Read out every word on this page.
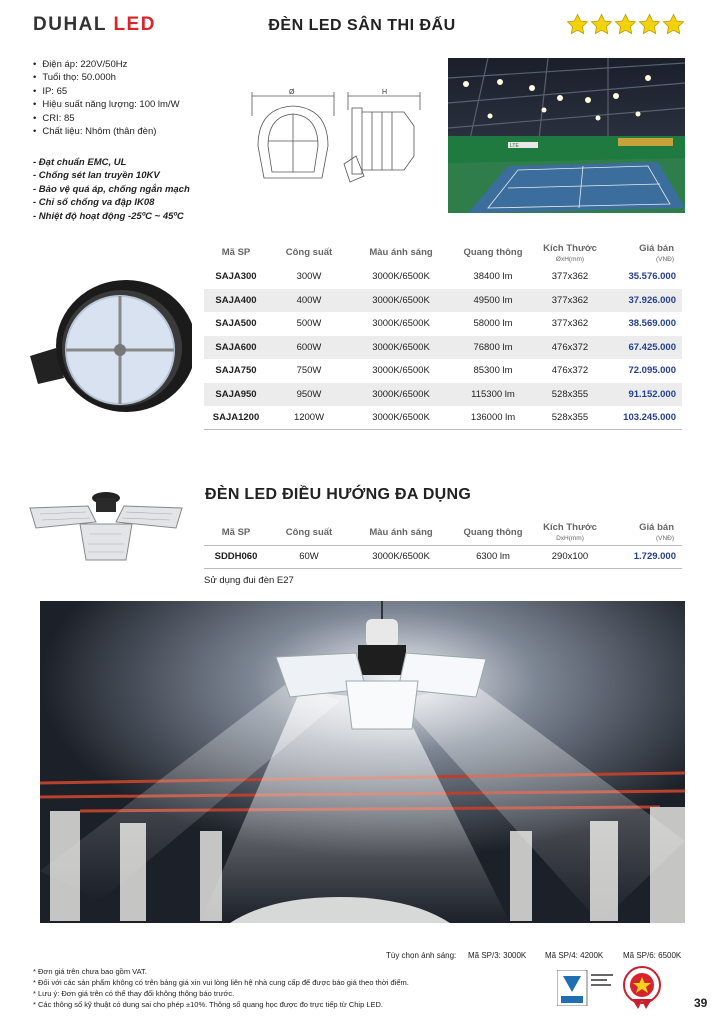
DUHAL LED	ĐÈN LED SÂN THI ĐẤU
• Điện áp: 220V/50Hz
• Tuổi thọ: 50.000h
• IP: 65
• Hiệu suất năng lượng: 100 lm/W
• CRI: 85
• Chất liệu: Nhôm (thân đèn)
- Đạt chuẩn EMC, UL
- Chống sét lan truyền 10KV
- Bảo vệ quá áp, chống ngắn mạch
- Chỉ số chống va đập IK08
- Nhiệt độ hoạt động -25ºC ~ 45ºC
Ø	H
LTE
Mã SP	Công suất	Màu ánh sáng	Quang thông	Kích Thước
ØxH(mm)	Giá bán
(VNĐ)

SAJA300	300W	3000K/6500K	38400 lm	377x362	35.576.000
SAJA400	400W	3000K/6500K	49500 lm	377x362	37.926.000
SAJA500	500W	3000K/6500K	58000 lm	377x362	38.569.000
SAJA600	600W	3000K/6500K	76800 lm	476x372	67.425.000
SAJA750	750W	3000K/6500K	85300 lm	476x372	72.095.000
SAJA950	950W	3000K/6500K	115300 lm	528x355	91.152.000
SAJA1200	1200W	3000K/6500K	136000 lm	528x355	103.245.000
ĐÈN LED ĐIỀU HƯỚNG ĐA DỤNG
Mã SP	Công suất	Màu ánh sáng	Quang thông	Kích Thước
DxH(mm)	Giá bán
(VNĐ)

SDDH060	60W	3000K/6500K	6300 lm	290x100	1.729.000
Sử dụng đui đèn E27
Tùy chọn ánh sáng: Mã SP/3: 3000K Mã SP/4: 4200K Mã SP/6: 6500K
* Đơn giá trên chưa bao gồm VAT.
* Đối với các sản phẩm không có trên bảng giá xin vui lòng liên hệ nhà cung cấp để được báo giá theo thời điểm.
* Lưu ý: Đơn giá trên có thể thay đổi không thông báo trước.
* Các thông số kỹ thuật có dung sai cho phép ±10%. Thông số quang học được đo trực tiếp từ Chip LED.	39
